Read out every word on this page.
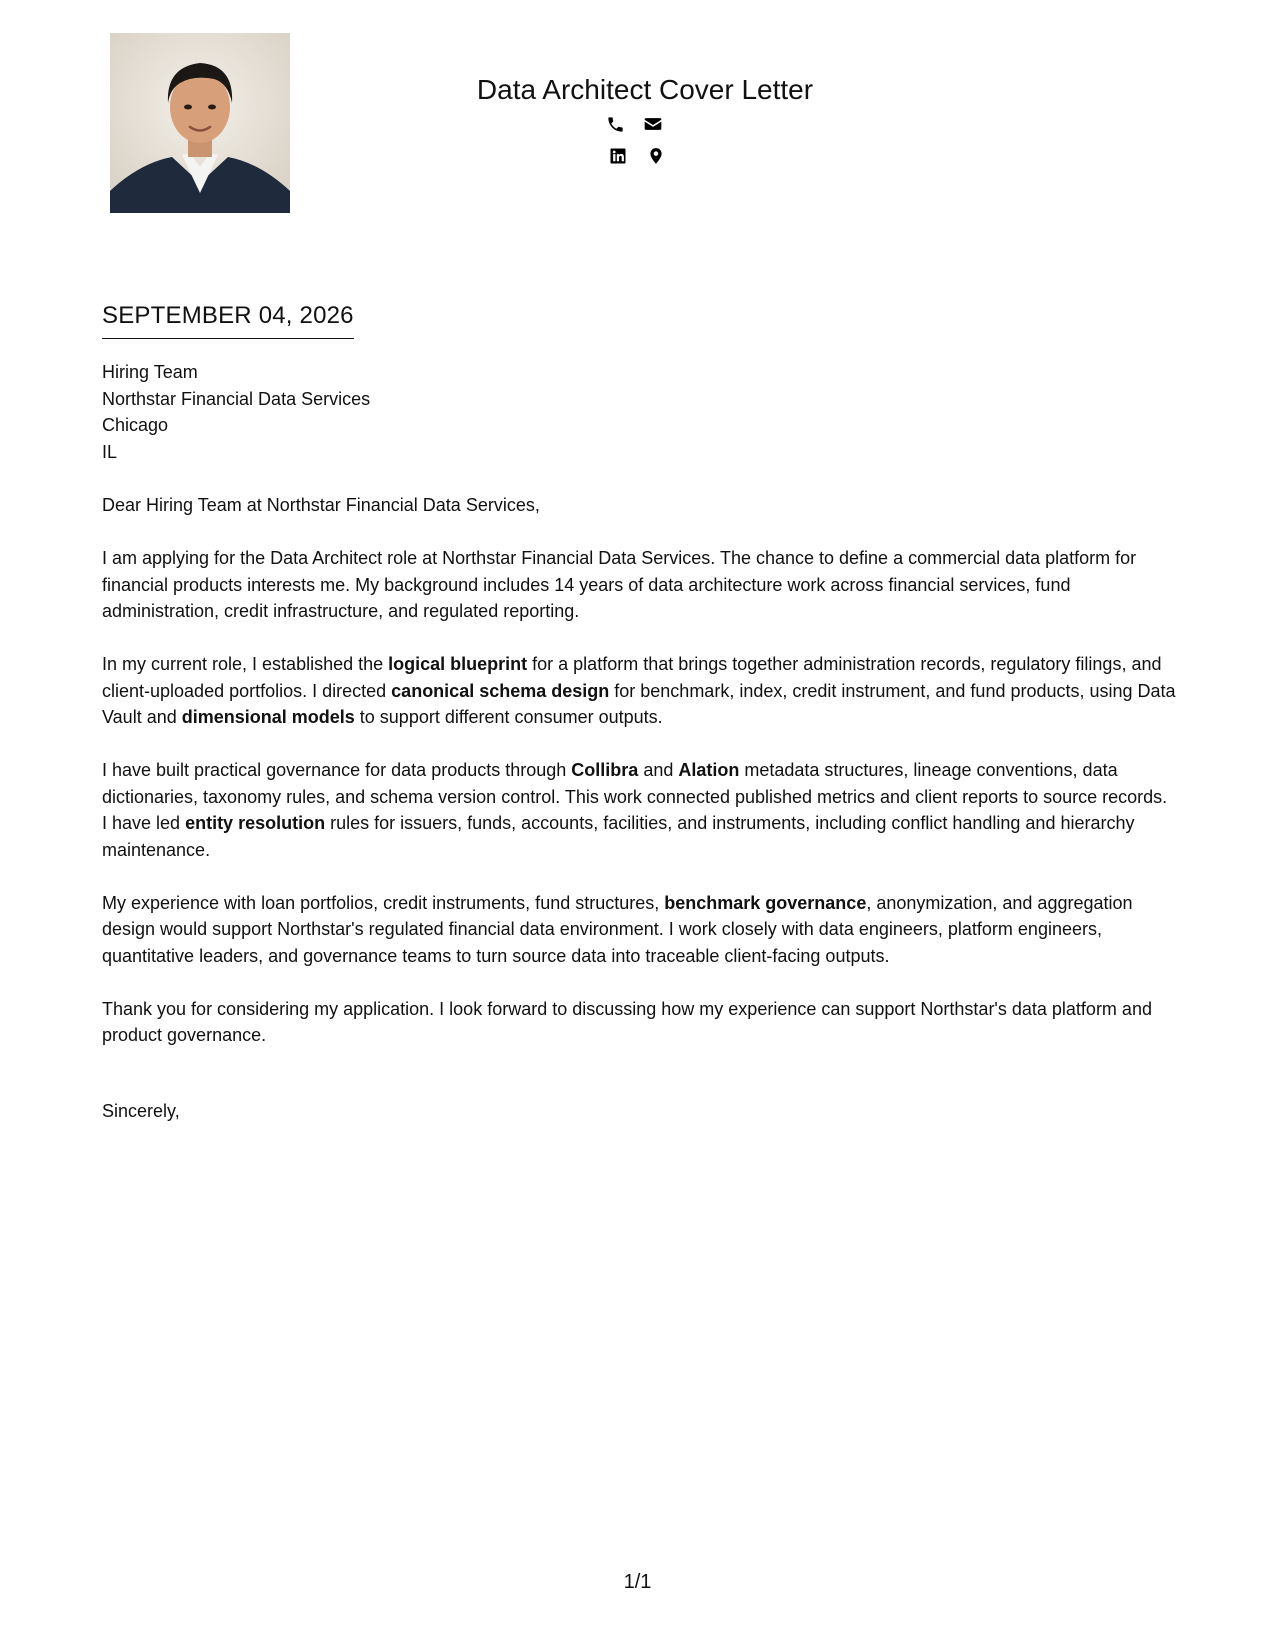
Data Architect Cover Letter
SEPTEMBER 04, 2026
Hiring Team
Northstar Financial Data Services
Chicago
IL

Dear Hiring Team at Northstar Financial Data Services,

I am applying for the Data Architect role at Northstar Financial Data Services. The chance to define a commercial data platform for financial products interests me. My background includes 14 years of data architecture work across financial services, fund administration, credit infrastructure, and regulated reporting.

In my current role, I established the logical blueprint for a platform that brings together administration records, regulatory filings, and client-uploaded portfolios. I directed canonical schema design for benchmark, index, credit instrument, and fund products, using Data Vault and dimensional models to support different consumer outputs.

I have built practical governance for data products through Collibra and Alation metadata structures, lineage conventions, data dictionaries, taxonomy rules, and schema version control. This work connected published metrics and client reports to source records. I have led entity resolution rules for issuers, funds, accounts, facilities, and instruments, including conflict handling and hierarchy maintenance.

My experience with loan portfolios, credit instruments, fund structures, benchmark governance, anonymization, and aggregation design would support Northstar's regulated financial data environment. I work closely with data engineers, platform engineers, quantitative leaders, and governance teams to turn source data into traceable client-facing outputs.

Thank you for considering my application. I look forward to discussing how my experience can support Northstar's data platform and product governance.

Sincerely,
1/1
